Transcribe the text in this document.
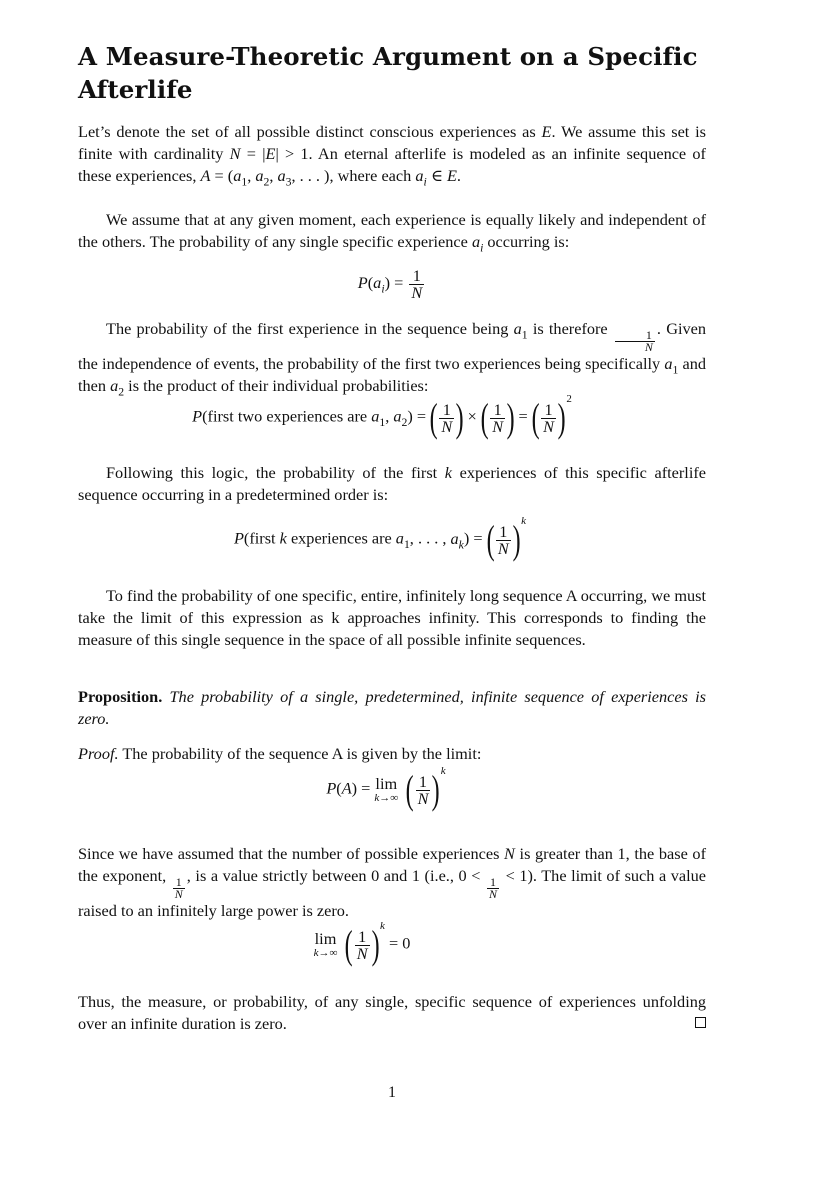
A Measure-Theoretic Argument on a Specific Afterlife

Let’s denote the set of all possible distinct conscious experiences as E. We assume this set is finite with cardinality N = |E| > 1. An eternal afterlife is modeled as an infinite sequence of these experiences, $A = (a_1$, $a_2$, $a_3$, . . . ), where each $a_i$ ∈ E.

We assume that at any given moment, each experience is equally likely and independent of the others. The probability of any single specific experience $a_i$ occurring is:

$P(a_i) = \frac{1}{N}$

The probability of the first experience in the sequence being $a_1$ is therefore
$\frac{1}{N}$
. Given the independence of events, the probability of the first two experiences being specifically $a_1$ and then $a_2$ is the product of their individual probabilities:

P(first two experiences are $a_1$, $a_2$) = ( $\frac{1}{N}$ ) × ( $\frac{1}{N}$ ) = ( $\frac{1}{N} )2$

Following this logic, the probability of the first k experiences of this specific afterlife sequence occurring in a predetermined order is:

P(first k experiences are $a_1$, . . . , $a_k$) = ( $\frac{1}{N} )k$

To find the probability of one specific, entire, infinitely long sequence A occurring, we must take the limit of this expression as k approaches infinity. This corresponds to finding the measure of this single sequence in the space of all possible infinite sequences.

Proposition. The probability of a single, predetermined, infinite sequence of experiences is zero.

Proof. The probability of the sequence A is given by the limit:

P(A) = lim
k→∞ ( $\frac{1}{N} )k$

Since we have assumed that the number of possible experiences N is greater than 1, the base of the exponent,
$\frac{1}{N}$
, is a value strictly between 0 and 1 (i.e., 0 <
$\frac{1}{N}$
< 1). The limit of such a value raised to an infinitely large power is zero.

lim
k→∞ ( $\frac{1}{N} )k = 0$

Thus, the measure, or probability, of any single, specific sequence of experiences unfolding over an infinite duration is zero.

1
